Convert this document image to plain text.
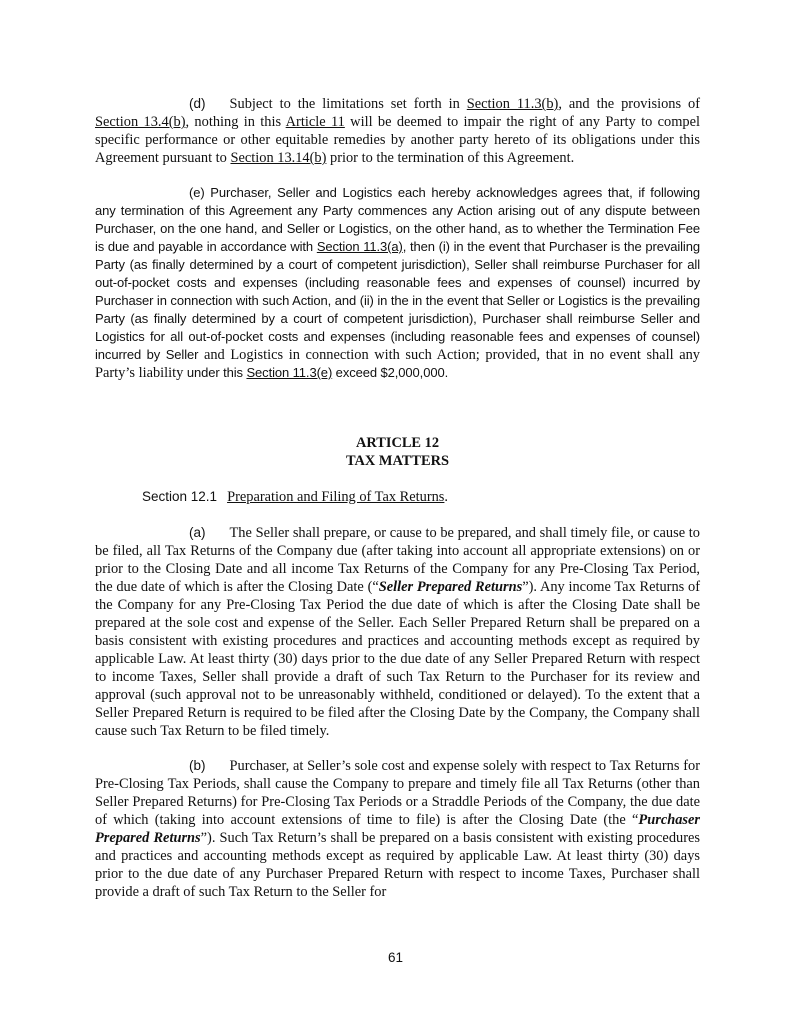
(d) Subject to the limitations set forth in Section 11.3(b), and the provisions of Section 13.4(b), nothing in this Article 11 will be deemed to impair the right of any Party to compel specific performance or other equitable remedies by another party hereto of its obligations under this Agreement pursuant to Section 13.14(b) prior to the termination of this Agreement.

(e) Purchaser, Seller and Logistics each hereby acknowledges agrees that, if following any termination of this Agreement any Party commences any Action arising out of any dispute between Purchaser, on the one hand, and Seller or Logistics, on the other hand, as to whether the Termination Fee is due and payable in accordance with Section 11.3(a), then (i) in the event that Purchaser is the prevailing Party (as finally determined by a court of competent jurisdiction), Seller shall reimburse Purchaser for all out-of-pocket costs and expenses (including reasonable fees and expenses of counsel) incurred by Purchaser in connection with such Action, and (ii) in the in the event that Seller or Logistics is the prevailing Party (as finally determined by a court of competent jurisdiction), Purchaser shall reimburse Seller and Logistics for all out-of-pocket costs and expenses (including reasonable fees and expenses of counsel) incurred by Seller and Logistics in connection with such Action; provided, that in no event shall any Party’s liability under this Section 11.3(e) exceed $2,000,000.

ARTICLE 12
TAX MATTERS
Section 12.1 Preparation and Filing of Tax Returns.

(a) The Seller shall prepare, or cause to be prepared, and shall timely file, or cause to be filed, all Tax Returns of the Company due (after taking into account all appropriate extensions) on or prior to the Closing Date and all income Tax Returns of the Company for any Pre-Closing Tax Period, the due date of which is after the Closing Date (“Seller Prepared Returns”). Any income Tax Returns of the Company for any Pre-Closing Tax Period the due date of which is after the Closing Date shall be prepared at the sole cost and expense of the Seller. Each Seller Prepared Return shall be prepared on a basis consistent with existing procedures and practices and accounting methods except as required by applicable Law. At least thirty (30) days prior to the due date of any Seller Prepared Return with respect to income Taxes, Seller shall provide a draft of such Tax Return to the Purchaser for its review and approval (such approval not to be unreasonably withheld, conditioned or delayed). To the extent that a Seller Prepared Return is required to be filed after the Closing Date by the Company, the Company shall cause such Tax Return to be filed timely.

(b) Purchaser, at Seller’s sole cost and expense solely with respect to Tax Returns for Pre-Closing Tax Periods, shall cause the Company to prepare and timely file all Tax Returns (other than Seller Prepared Returns) for Pre-Closing Tax Periods or a Straddle Periods of the Company, the due date of which (taking into account extensions of time to file) is after the Closing Date (the “Purchaser Prepared Returns”). Such Tax Return’s shall be prepared on a basis consistent with existing procedures and practices and accounting methods except as required by applicable Law. At least thirty (30) days prior to the due date of any Purchaser Prepared Return with respect to income Taxes, Purchaser shall provide a draft of such Tax Return to the Seller for

61
